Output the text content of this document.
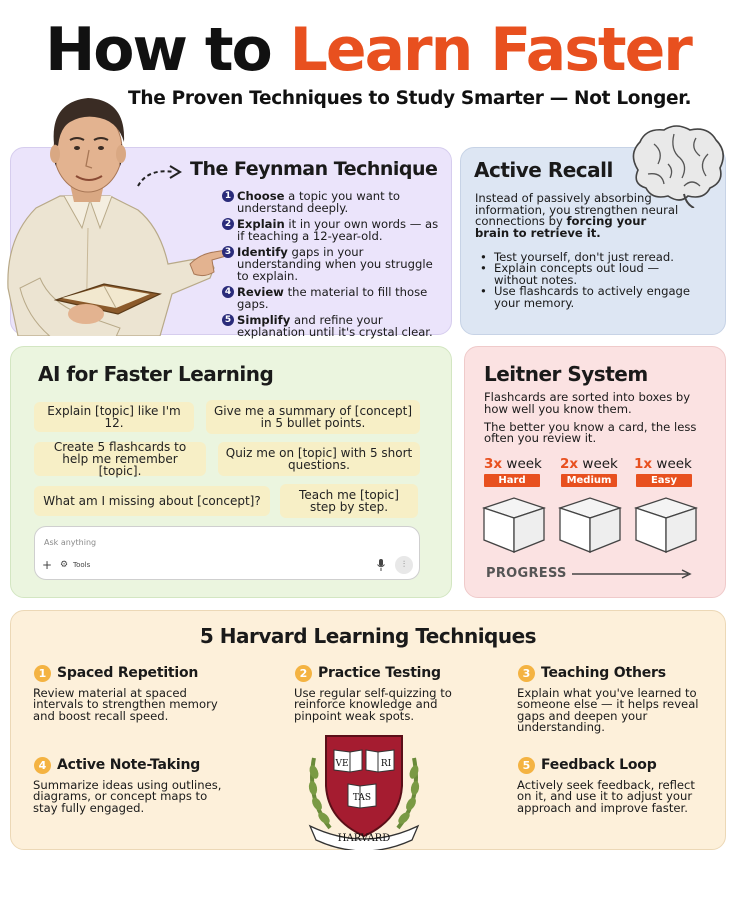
How to Learn Faster
The Proven Techniques to Study Smarter — Not Longer.
The Feynman Technique
1 Choose a topic you want to understand deeply.
2 Explain it in your own words — as if teaching a 12-year-old.
3 Identify gaps in your understanding when you struggle to explain.
4 Review the material to fill those gaps.
5 Simplify and refine your explanation until it's crystal clear.
Active Recall
Instead of passively absorbing information, you strengthen neural connections by forcing your brain to retrieve it.
• Test yourself, don't just reread.
• Explain concepts out loud — without notes.
• Use flashcards to actively engage your memory.
AI for Faster Learning
Explain [topic] like I'm 12.
Give me a summary of [concept] in 5 bullet points.
Create 5 flashcards to help me remember [topic].
Quiz me on [topic] with 5 short questions.
What am I missing about [concept]?	Teach me [topic] step by step.
Ask anything
+ ⚙ Tools	⫶
Leitner System

Flashcards are sorted into boxes by how well you know them.

The better you know a card, the less often you review it.

3x week 2x week 1x week
Hard	Medium	Easy
PROGRESS
5 Harvard Learning Techniques
1 Spaced Repetition
Review material at spaced intervals to strengthen memory and boost recall speed.
2 Practice Testing
Use regular self-quizzing to reinforce knowledge and pinpoint weak spots.
3 Teaching Others
Explain what you've learned to someone else — it helps reveal gaps and deepen your understanding.
4 Active Note-Taking
Summarize ideas using outlines, diagrams, or concept maps to stay fully engaged.
5 Feedback Loop
Actively seek feedback, reflect on it, and use it to adjust your approach and improve faster.
VE	RI
TAS
HARVARD
